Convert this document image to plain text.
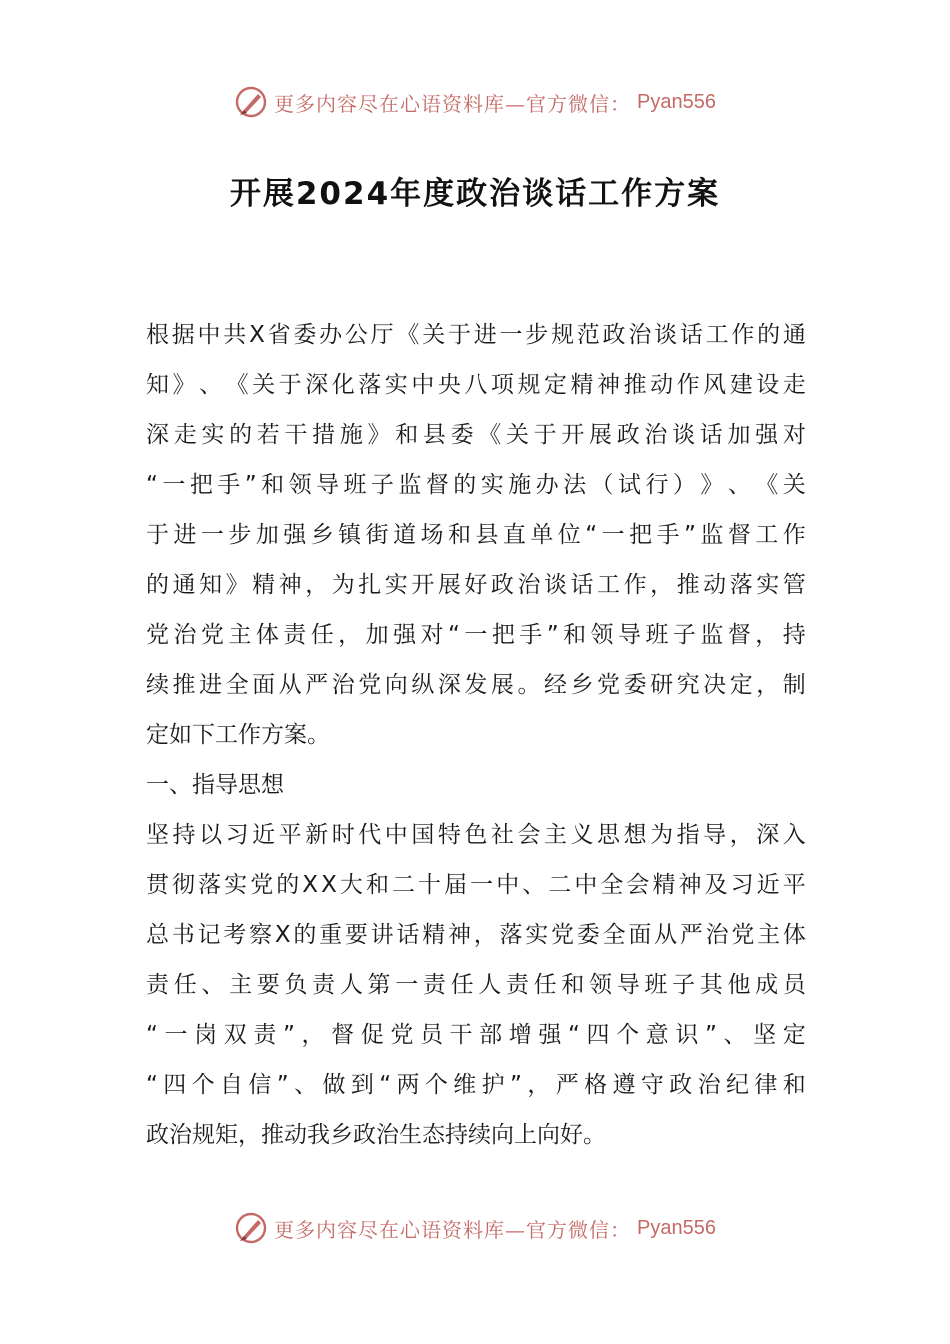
更多内容尽在心语资料库—官方微信： Pyan556
开展2024年度政治谈话工作方案
根 据 中 共 X 省 委 办 公 厅 《 关 于 进 一 步 规 范 政 治 谈 话 工 作 的 通
知 》 、 《 关 于 深 化 落 实 中 央 八 项 规 定 精 神 推 动 作 风 建 设 走
深 走 实 的 若 干 措 施 》 和 县 委 《 关 于 开 展 政 治 谈 话 加 强 对
“ 一 把 手 ” 和 领 导 班 子 监 督 的 实 施 办 法 （ 试 行 ） 》 、 《 关
于 进 一 步 加 强 乡 镇 街 道 场 和 县 直 单 位 “ 一 把 手 ” 监 督 工 作
的 通 知 》 精 神 ， 为 扎 实 开 展 好 政 治 谈 话 工 作 ， 推 动 落 实 管
党 治 党 主 体 责 任 ， 加 强 对 “ 一 把 手 ” 和 领 导 班 子 监 督 ， 持
续 推 进 全 面 从 严 治 党 向 纵 深 发 展 。 经 乡 党 委 研 究 决 定 ， 制
定如下工作方案。
一、指导思想
坚 持 以 习 近 平 新 时 代 中 国 特 色 社 会 主 义 思 想 为 指 导 ， 深 入
贯 彻 落 实 党 的 X X 大 和 二 十 届 一 中 、 二 中 全 会 精 神 及 习 近 平
总 书 记 考 察 X 的 重 要 讲 话 精 神 ， 落 实 党 委 全 面 从 严 治 党 主 体
责 任 、 主 要 负 责 人 第 一 责 任 人 责 任 和 领 导 班 子 其 他 成 员
“ 一 岗 双 责 ” ， 督 促 党 员 干 部 增 强 “ 四 个 意 识 ” 、 坚 定
“ 四 个 自 信 ” 、 做 到 “ 两 个 维 护 ” ， 严 格 遵 守 政 治 纪 律 和
政治规矩，推动我乡政治生态持续向上向好。
更多内容尽在心语资料库—官方微信： Pyan556
